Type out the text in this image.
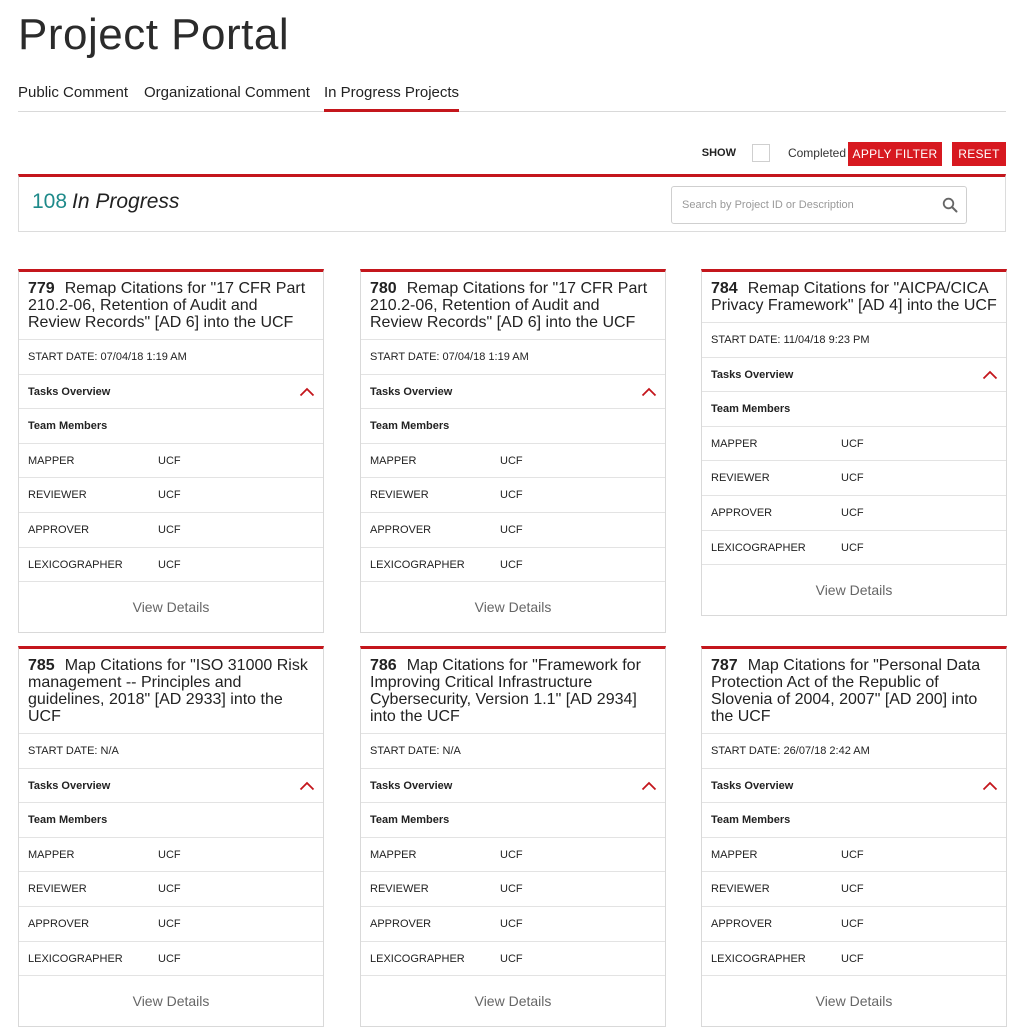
Project Portal
Public Comment Organizational Comment In Progress Projects
SHOW	Completed APPLY FILTER	RESET
108 In Progress
Search by Project ID or Description
779 Remap Citations for "17 CFR Part 210.2-06, Retention of Audit and Review Records" [AD 6] into the UCF
START DATE: 07/04/18 1:19 AM
Tasks Overview
Team Members
MAPPER	UCF
REVIEWER	UCF
APPROVER	UCF
LEXICOGRAPHER	UCF
View Details
780 Remap Citations for "17 CFR Part 210.2-06, Retention of Audit and Review Records" [AD 6] into the UCF
START DATE: 07/04/18 1:19 AM
Tasks Overview
Team Members
MAPPER	UCF
REVIEWER	UCF
APPROVER	UCF
LEXICOGRAPHER	UCF
View Details
784 Remap Citations for "AICPA/CICA Privacy Framework" [AD 4] into the UCF
START DATE: 11/04/18 9:23 PM
Tasks Overview
Team Members
MAPPER	UCF
REVIEWER	UCF
APPROVER	UCF
LEXICOGRAPHER	UCF
View Details
785 Map Citations for "ISO 31000 Risk management -- Principles and guidelines, 2018" [AD 2933] into the UCF
START DATE: N/A
Tasks Overview
Team Members
MAPPER	UCF
REVIEWER	UCF
APPROVER	UCF
LEXICOGRAPHER	UCF
View Details
786 Map Citations for "Framework for Improving Critical Infrastructure Cybersecurity, Version 1.1" [AD 2934] into the UCF
START DATE: N/A
Tasks Overview
Team Members
MAPPER	UCF
REVIEWER	UCF
APPROVER	UCF
LEXICOGRAPHER	UCF
View Details
787 Map Citations for "Personal Data Protection Act of the Republic of Slovenia of 2004, 2007" [AD 200] into the UCF
START DATE: 26/07/18 2:42 AM
Tasks Overview
Team Members
MAPPER	UCF
REVIEWER	UCF
APPROVER	UCF
LEXICOGRAPHER	UCF
View Details
